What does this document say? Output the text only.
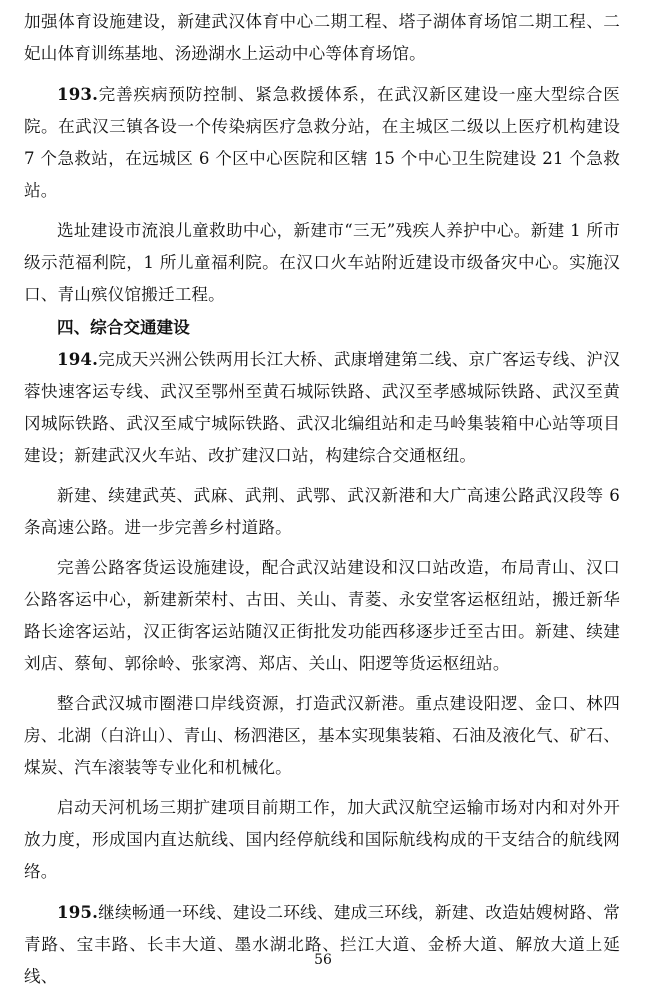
加强体育设施建设，新建武汉体育中心二期工程、塔子湖体育场馆二期工程、二妃山体育训练基地、汤逊湖水上运动中心等体育场馆。

193.完善疾病预防控制、紧急救援体系，在武汉新区建设一座大型综合医院。在武汉三镇各设一个传染病医疗急救分站，在主城区二级以上医疗机构建设 7 个急救站，在远城区 6 个区中心医院和区辖 15 个中心卫生院建设 21 个急救站。

选址建设市流浪儿童救助中心，新建市“三无”残疾人养护中心。新建 1 所市级示范福利院，1 所儿童福利院。在汉口火车站附近建设市级备灾中心。实施汉口、青山殡仪馆搬迁工程。

四、综合交通建设

194.完成天兴洲公铁两用长江大桥、武康增建第二线、京广客运专线、沪汉蓉快速客运专线、武汉至鄂州至黄石城际铁路、武汉至孝感城际铁路、武汉至黄冈城际铁路、武汉至咸宁城际铁路、武汉北编组站和走马岭集装箱中心站等项目建设；新建武汉火车站、改扩建汉口站，构建综合交通枢纽。

新建、续建武英、武麻、武荆、武鄂、武汉新港和大广高速公路武汉段等 6 条高速公路。进一步完善乡村道路。

完善公路客货运设施建设，配合武汉站建设和汉口站改造，布局青山、汉口公路客运中心，新建新荣村、古田、关山、青菱、永安堂客运枢纽站，搬迁新华路长途客运站，汉正街客运站随汉正街批发功能西移逐步迁至古田。新建、续建刘店、蔡甸、郭徐岭、张家湾、郑店、关山、阳逻等货运枢纽站。

整合武汉城市圈港口岸线资源，打造武汉新港。重点建设阳逻、金口、林四房、北湖（白浒山）、青山、杨泗港区，基本实现集装箱、石油及液化气、矿石、煤炭、汽车滚装等专业化和机械化。

启动天河机场三期扩建项目前期工作，加大武汉航空运输市场对内和对外开放力度，形成国内直达航线、国内经停航线和国际航线构成的干支结合的航线网络。

195.继续畅通一环线、建设二环线、建成三环线，新建、改造姑嫂树路、常青路、宝丰路、长丰大道、墨水湖北路、拦江大道、金桥大道、解放大道上延线、

56
